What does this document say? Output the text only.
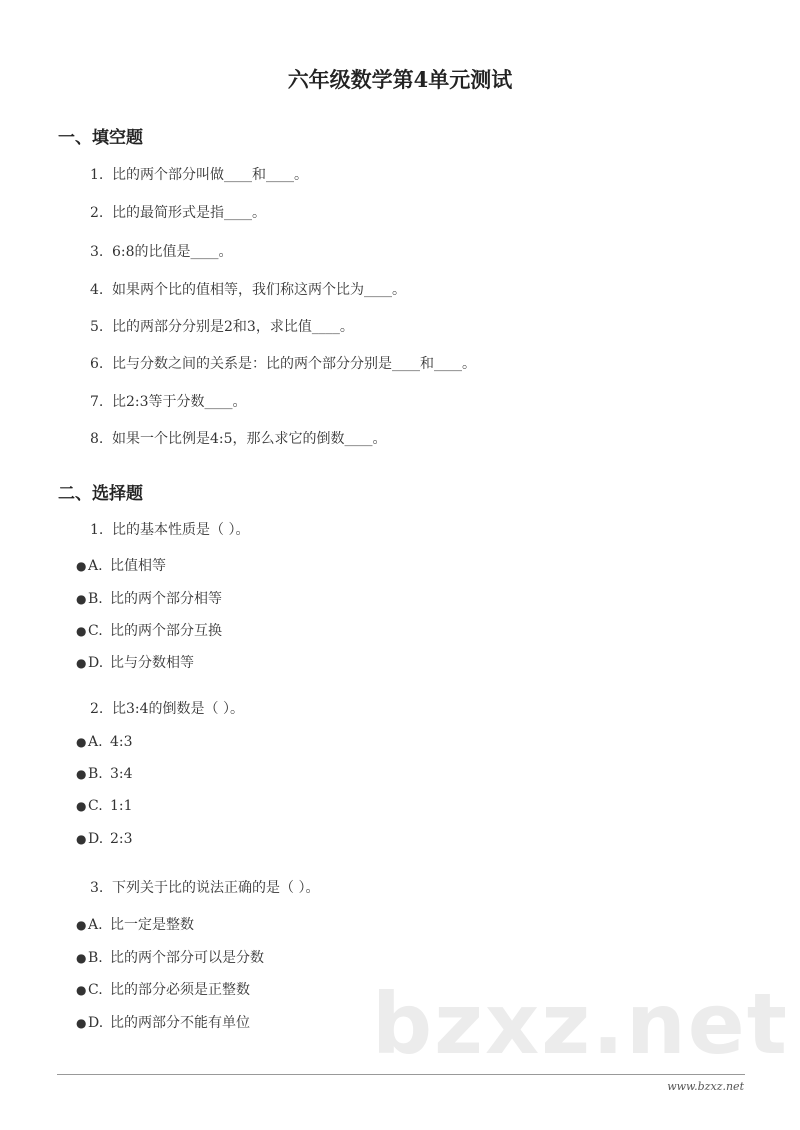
六年级数学第4单元测试
一、填空题
1. 比的两个部分叫做____和____。
2. 比的最简形式是指____。
3. 6:8的比值是____。
4. 如果两个比的值相等，我们称这两个比为____。
5. 比的两部分分别是2和3，求比值____。
6. 比与分数之间的关系是：比的两个部分分别是____和____。
7. 比2:3等于分数____。
8. 如果一个比例是4:5，那么求它的倒数____。
二、选择题
1. 比的基本性质是（ ）。
● A. 比值相等
● B. 比的两个部分相等
● C. 比的两个部分互换
● D. 比与分数相等
2. 比3:4的倒数是（ ）。
● A. 4:3
● B. 3:4
● C. 1:1
● D. 2:3
3. 下列关于比的说法正确的是（ ）。
● A. 比一定是整数
● B. 比的两个部分可以是分数
● C. 比的部分必须是正整数
● D. 比的两部分不能有单位 bzxz.net
www.bzxz.net
